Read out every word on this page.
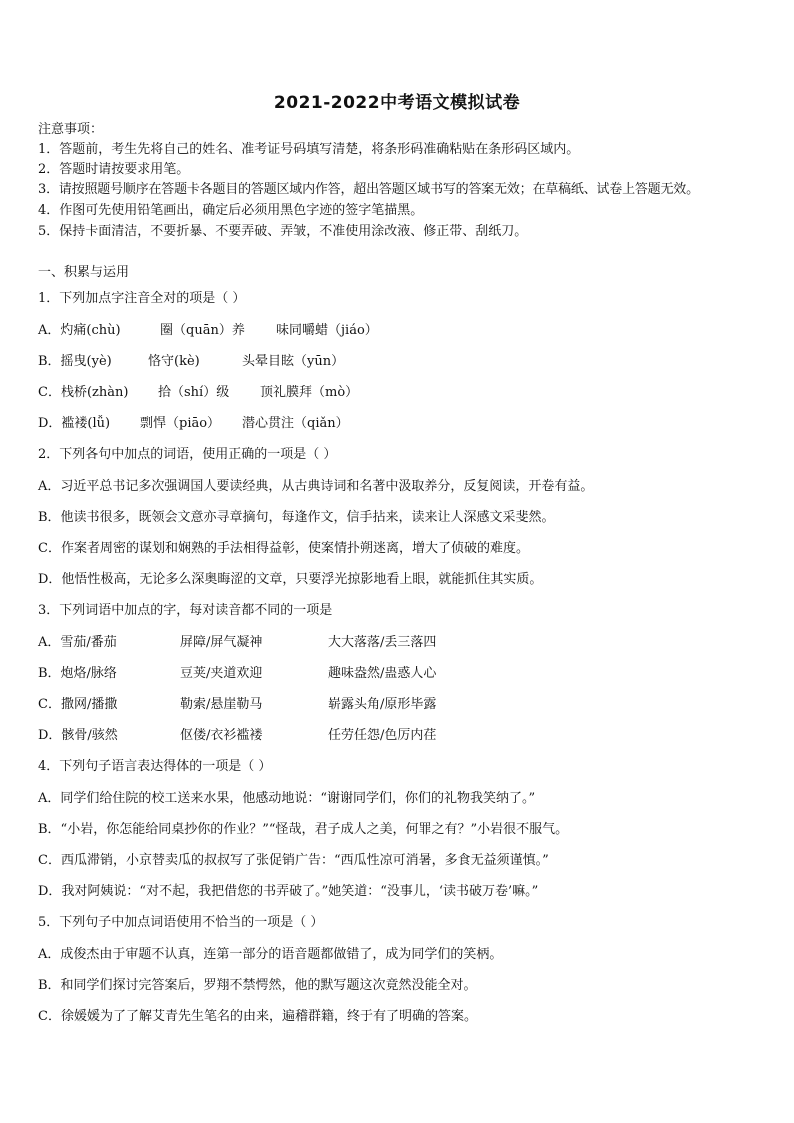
2021-2022中考语文模拟试卷
注意事项：
1．答题前，考生先将自己的姓名、准考证号码填写清楚，将条形码准确粘贴在条形码区域内。
2．答题时请按要求用笔。
3．请按照题号顺序在答题卡各题目的答题区域内作答，超出答题区域书写的答案无效；在草稿纸、试卷上答题无效。
4．作图可先使用铅笔画出，确定后必须用黑色字迹的签字笔描黑。
5．保持卡面清洁，不要折暴、不要弄破、弄皱，不准使用涂改液、修正带、刮纸刀。
一、积累与运用
1．下列加点字注音全对的项是（ ）
A．灼痛(chù)	圈（quān）养 味同嚼蜡（jiáo）
B．摇曳(yè)	恪守(kè)	头晕目眩（yūn）
C．栈桥(zhàn) 拾（shí）级 顶礼膜拜（mò）
D．褴褛(lǚ) 剽悍（piāo） 潜心贯注（qiǎn）
2．下列各句中加点的词语，使用正确的一项是（ ）
A．习近平总书记多次强调国人要读经典，从古典诗词和名著中汲取养分，反复阅读，开卷有益。
B．他读书很多，既领会文意亦寻章摘句，每逢作文，信手拈来，读来让人深感文采斐然。
C．作案者周密的谋划和娴熟的手法相得益彰，使案情扑朔迷离，增大了侦破的难度。
D．他悟性极高，无论多么深奥晦涩的文章，只要浮光掠影地看上眼，就能抓住其实质。
3．下列词语中加点的字，每对读音都不同的一项是
A．雪茄/番茄	屏障/屏气凝神	大大落落/丢三落四
B．炮烙/脉络	豆荚/夹道欢迎	趣味盎然/蛊惑人心
C．撒网/播撒	勒索/悬崖勒马	崭露头角/原形毕露
D．骸骨/骇然	伛偻/衣衫褴褛	任劳任怨/色厉内荏
4．下列句子语言表达得体的一项是（ ）
A．同学们给住院的校工送来水果，他感动地说：“谢谢同学们，你们的礼物我笑纳了。”
B．“小岩，你怎能给同桌抄你的作业？”“怪哉，君子成人之美，何罪之有？”小岩很不服气。
C．西瓜滞销，小京替卖瓜的叔叔写了张促销广告：“西瓜性凉可消暑，多食无益须谨慎。”
D．我对阿姨说：“对不起，我把借您的书弄破了。”她笑道：“没事儿，‘读书破万卷’嘛。”
5．下列句子中加点词语使用不恰当的一项是（ ）
A．成俊杰由于审题不认真，连第一部分的语音题都做错了，成为同学们的笑柄。
B．和同学们探讨完答案后，罗翔不禁愕然，他的默写题这次竟然没能全对。
C．徐媛媛为了了解艾青先生笔名的由来，遍稽群籍，终于有了明确的答案。
